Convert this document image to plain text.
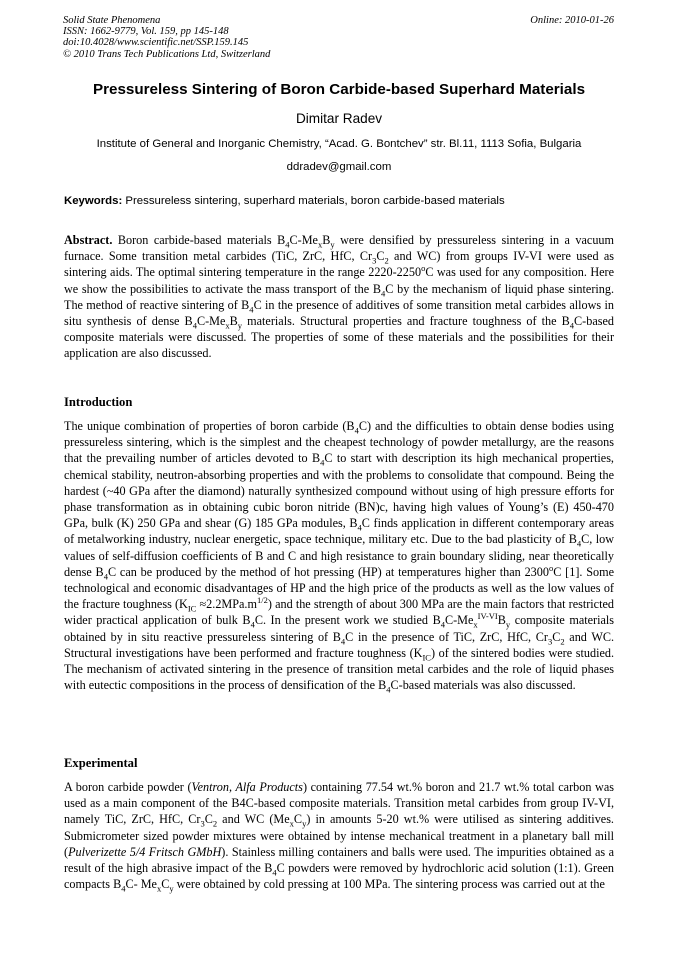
Solid State Phenomena
ISSN: 1662-9779, Vol. 159, pp 145-148
doi:10.4028/www.scientific.net/SSP.159.145
© 2010 Trans Tech Publications Ltd, Switzerland
Online: 2010-01-26
Pressureless Sintering of Boron Carbide-based Superhard Materials
Dimitar Radev
Institute of General and Inorganic Chemistry, “Acad. G. Bontchev” str. Bl.11, 1113 Sofia, Bulgaria
ddradev@gmail.com
Keywords: Pressureless sintering, superhard materials, boron carbide-based materials
Abstract. Boron carbide-based materials $B_4C-Me_xB_y$ were densified by pressureless sintering in a vacuum furnace. Some transition metal carbides (TiC, ZrC, HfC, $Cr_3C_2$ and WC) from groups IV-VI were used as sintering aids. The optimal sintering temperature in the range 2220-2250$^o$C was used for any composition. Here we show the possibilities to activate the mass transport of the $B_4C$ by the mechanism of liquid phase sintering. The method of reactive sintering of $B_4C$ in the presence of additives of some transition metal carbides allows in situ synthesis of dense $B_4C-Me_xB_y$ materials. Structural properties and fracture toughness of the $B_4C$-based composite materials were discussed. The properties of some of these materials and the possibilities for their application are also discussed.
Introduction
The unique combination of properties of boron carbide $(B_4C)$ and the difficulties to obtain dense bodies using pressureless sintering, which is the simplest and the cheapest technology of powder metallurgy, are the reasons that the prevailing number of articles devoted to $B_4C$ to start with description its high mechanical properties, chemical stability, neutron-absorbing properties and with the problems to consolidate that compound. Being the hardest (~40 GPa after the diamond) naturally synthesized compound without using of high pressure efforts for phase transformation as in obtaining cubic boron nitride (BN)c, having high values of Young’s (E) 450-470 GPa, bulk (K) 250 GPa and shear (G) 185 GPa modules, $B_4C$ finds application in different contemporary areas of metalworking industry, nuclear energetic, space technique, military etc. Due to the bad plasticity of $B_4C$, low values of self-diffusion coefficients of B and C and high resistance to grain boundary sliding, near theoretically dense $B_4C$ can be produced by the method of hot pressing (HP) at temperatures higher than 2300$^o$C [1]. Some technological and economic disadvantages of HP and the high price of the products as well as the low values of the fracture toughness $(K_{IC} \approx 2.2MPa.m^{1/2})$ and the strength of about 300 MPa are the main factors that restricted wider practical application of bulk $B_4C$. In the present work we studied $B_4C-Me_x^{IV-VI}B_y$ composite materials obtained by in situ reactive pressureless sintering of $B_4C$ in the presence of TiC, ZrC, HfC, $Cr_3C_2$ and WC. Structural investigations have been performed and fracture toughness $(K_{IC})$ of the sintered bodies were studied. The mechanism of activated sintering in the presence of transition metal carbides and the role of liquid phases with eutectic compositions in the process of densification of the $B_4C$-based materials was also discussed.
Experimental
A boron carbide powder (Ventron, Alfa Products) containing 77.54 wt.% boron and 21.7 wt.% total carbon was used as a main component of the B4C-based composite materials. Transition metal carbides from group IV-VI, namely TiC, ZrC, HfC, $Cr_3C_2$ and WC $(Me_xC_y)$ in amounts 5-20 wt.% were utilised as sintering additives. Submicrometer sized powder mixtures were obtained by intense mechanical treatment in a planetary ball mill (Pulverizette 5/4 Fritsch GMbH). Stainless milling containers and balls were used. The impurities obtained as a result of the high abrasive impact of the $B_4C$ powders were removed by hydrochloric acid solution (1:1). Green compacts $B_4C-$ $Me_xC_y$ were obtained by cold pressing at 100 MPa. The sintering process was carried out at the
